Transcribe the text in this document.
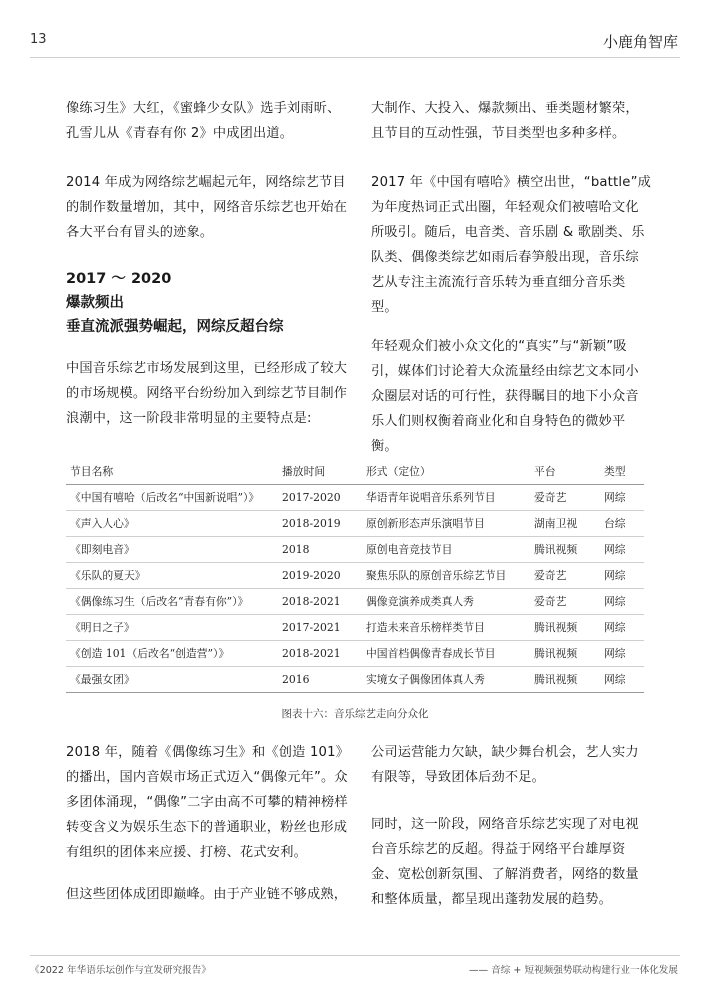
13	小鹿角智库

像练习生》大红，《蜜蜂少女队》选手刘雨昕、孔雪儿从《青春有你 2》中成团出道。

2014 年成为网络综艺崛起元年，网络综艺节目的制作数量增加，其中，网络音乐综艺也开始在各大平台有冒头的迹象。

2017 ～ 2020
爆款频出
垂直流派强势崛起，网综反超台综

中国音乐综艺市场发展到这里，已经形成了较大的市场规模。网络平台纷纷加入到综艺节目制作浪潮中，这一阶段非常明显的主要特点是:

大制作、大投入、爆款频出、垂类题材繁荣，且节目的互动性强，节目类型也多种多样。

2017 年《中国有嘻哈》横空出世，“battle”成为年度热词正式出圈，年轻观众们被嘻哈文化所吸引。随后，电音类、音乐剧 & 歌剧类、乐队类、偶像类综艺如雨后春笋般出现，音乐综艺从专注主流流行音乐转为垂直细分音乐类型。

年轻观众们被小众文化的“真实”与“新颖”吸引，媒体们讨论着大众流量经由综艺文本同小众圈层对话的可行性，获得瞩目的地下小众音乐人们则权衡着商业化和自身特色的微妙平衡。

节目名称	播放时间	形式（定位）	平台	类型
《中国有嘻哈（后改名“中国新说唱”）》	2017-2020	华语青年说唱音乐系列节目	爱奇艺	网综
《声入人心》	2018-2019	原创新形态声乐演唱节目	湖南卫视	台综
《即刻电音》	2018	原创电音竞技节目	腾讯视频	网综
《乐队的夏天》	2019-2020	聚焦乐队的原创音乐综艺节目	爱奇艺	网综
《偶像练习生（后改名“青春有你”）》	2018-2021	偶像竞演养成类真人秀	爱奇艺	网综
《明日之子》	2017-2021	打造未来音乐榜样类节目	腾讯视频	网综
《创造 101（后改名“创造营”）》	2018-2021	中国首档偶像青春成长节目	腾讯视频	网综
《最强女团》	2016	实境女子偶像团体真人秀	腾讯视频	网综
图表十六：音乐综艺走向分众化

2018 年，随着《偶像练习生》和《创造 101》的播出，国内音娱市场正式迈入“偶像元年”。众多团体涌现，“偶像”二字由高不可攀的精神榜样转变含义为娱乐生态下的普通职业，粉丝也形成有组织的团体来应援、打榜、花式安利。

但这些团体成团即巅峰。由于产业链不够成熟，

公司运营能力欠缺，缺少舞台机会，艺人实力有限等，导致团体后劲不足。

同时，这一阶段，网络音乐综艺实现了对电视台音乐综艺的反超。得益于网络平台雄厚资金、宽松创新氛围、了解消费者，网络的数量和整体质量，都呈现出蓬勃发展的趋势。

《2022 年华语乐坛创作与宣发研究报告》	—— 音综 + 短视频强势联动构建行业一体化发展
